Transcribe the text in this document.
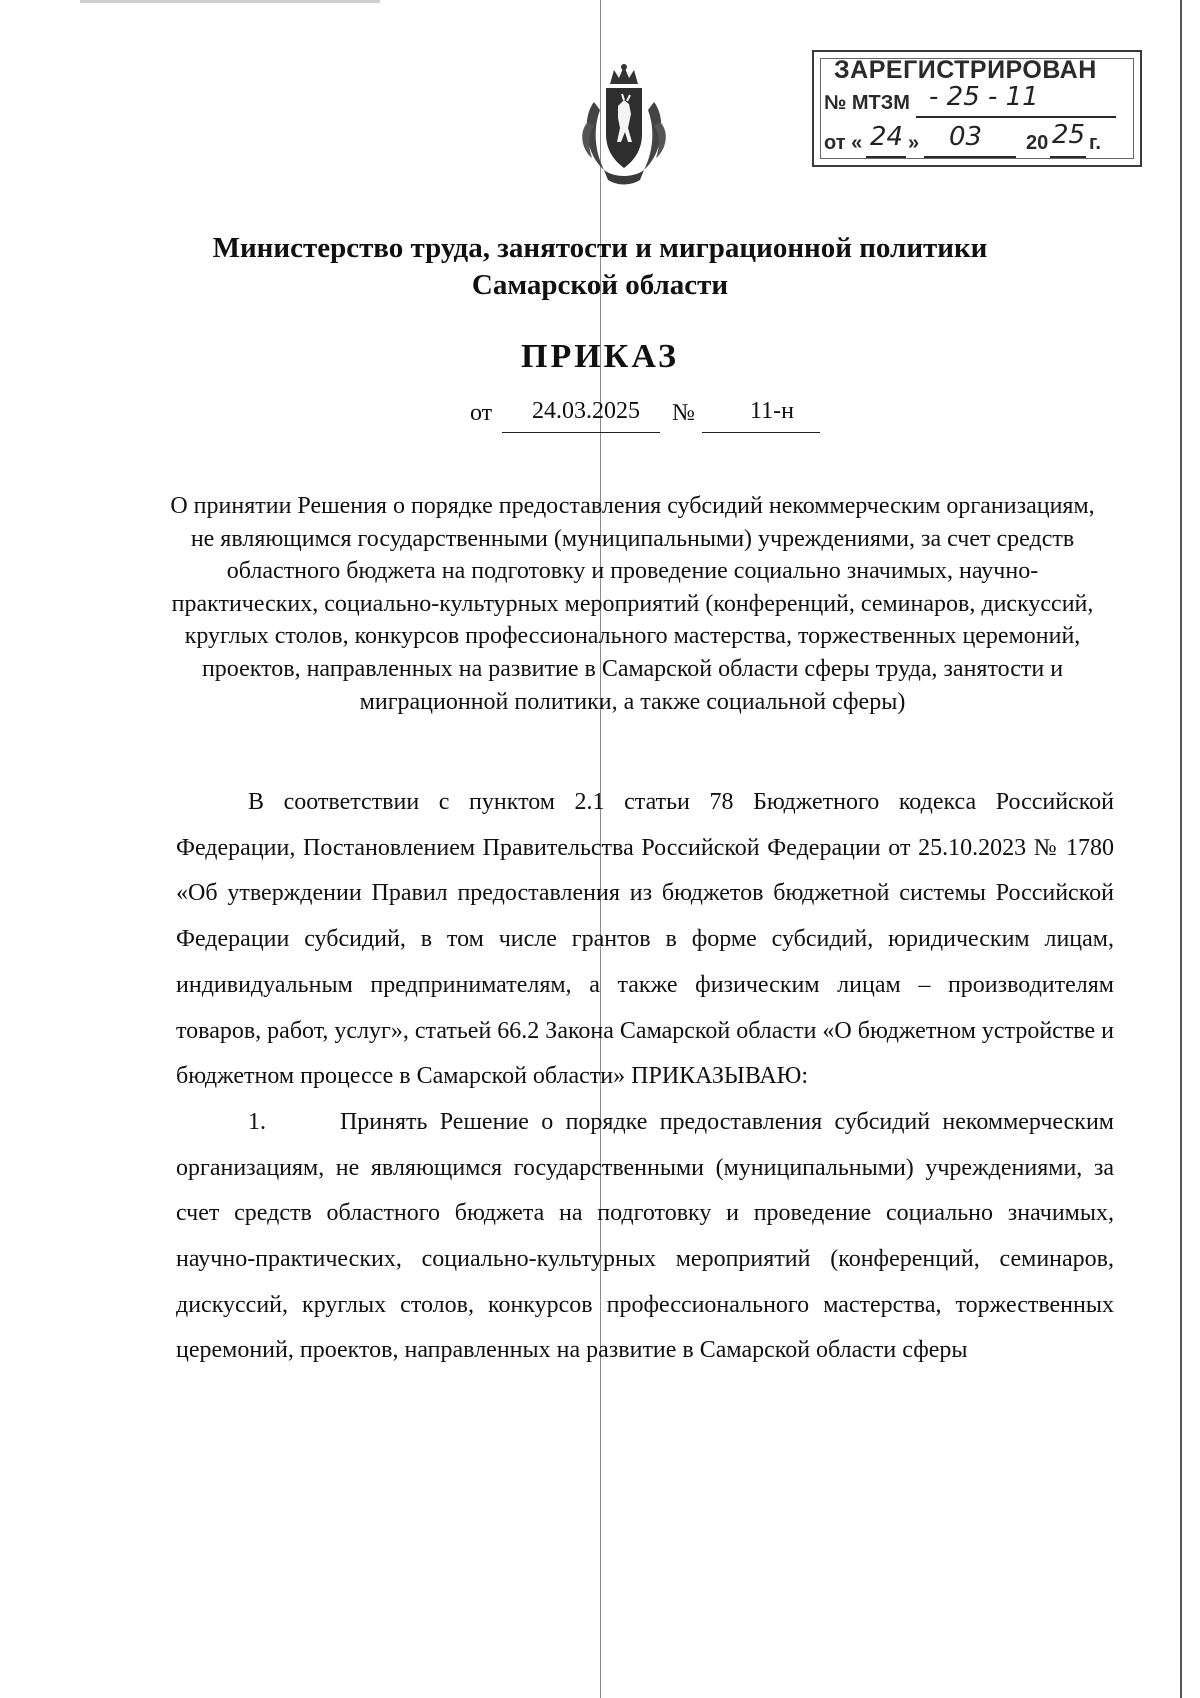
ЗАРЕГИСТРИРОВАН
№ МТЗМ - 25 - 11
от « 24 » 03 20 25 г.
Министерство труда, занятости и миграционной политики
Самарской области
ПРИКАЗ
от 24.03.2025 № 11-н
О принятии Решения о порядке предоставления субсидий некоммерческим организациям, не являющимся государственными (муниципальными) учреждениями, за счет средств областного бюджета на подготовку и проведение социально значимых, научно-практических, социально-культурных мероприятий (конференций, семинаров, дискуссий, круглых столов, конкурсов профессионального мастерства, торжественных церемоний, проектов, направленных на развитие в Самарской области сферы труда, занятости и миграционной политики, а также социальной сферы)

В соответствии с пунктом 2.1 статьи 78 Бюджетного кодекса Российской Федерации, Постановлением Правительства Российской Федерации от 25.10.2023 № 1780 «Об утверждении Правил предоставления из бюджетов бюджетной системы Российской Федерации субсидий, в том числе грантов в форме субсидий, юридическим лицам, индивидуальным предпринимателям, а также физическим лицам – производителям товаров, работ, услуг», статьей 66.2 Закона Самарской области «О бюджетном устройстве и бюджетном процессе в Самарской области» ПРИКАЗЫВАЮ:

1.      Принять Решение о порядке предоставления субсидий некоммерческим организациям, не являющимся государственными (муниципальными) учреждениями, за счет средств областного бюджета на подготовку и проведение социально значимых, научно-практических, социально-культурных мероприятий (конференций, семинаров, дискуссий, круглых столов, конкурсов профессионального мастерства, торжественных церемоний, проектов, направленных на развитие в Самарской области сферы
